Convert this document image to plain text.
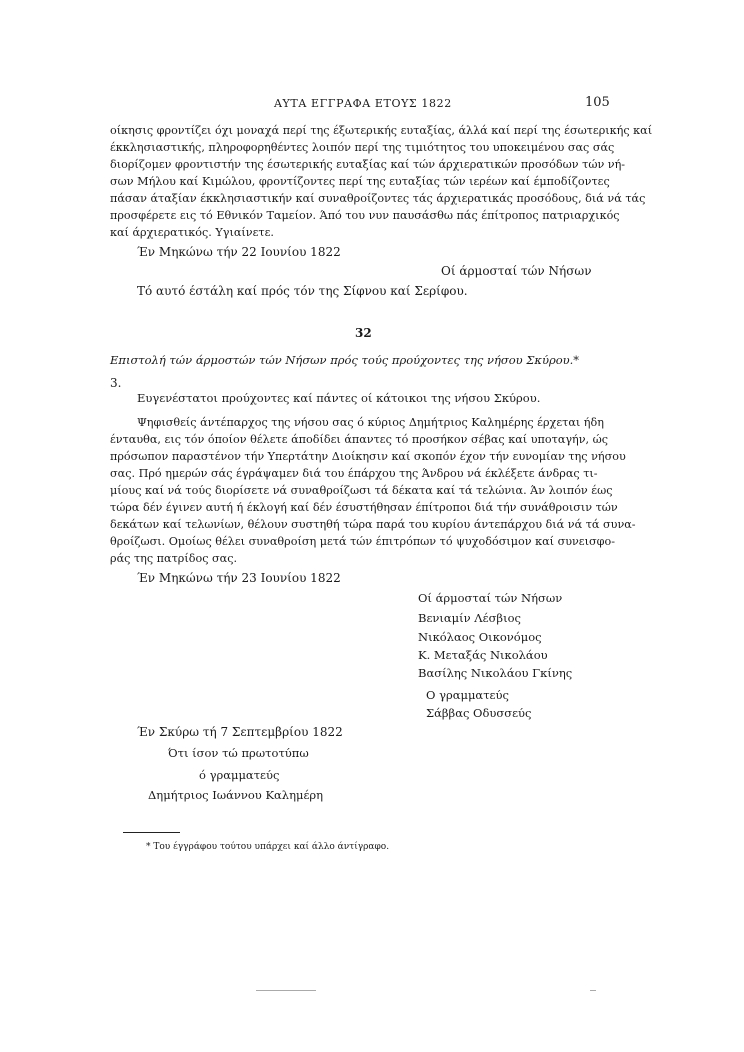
ΑΥΤΑ ΕΓΓΡΑΦΑ ΕΤΟΥΣ 1822	105
οίκησις φροντίζει όχι μοναχά περί της έξωτερικής ευταξίας, άλλά καί περί της έσωτερικής καί
έκκλησιαστικής, πληροφορηθέντες λοιπόν περί της τιμιότητος του υποκειμένου σας σάς
διορίζομεν φροντιστήν της έσωτερικής ευταξίας καί τών άρχιερατικών προσόδων τών νή-
σων Μήλου καί Κιμώλου, φροντίζοντες περί της ευταξίας τών ιερέων καί έμποδίζοντες
πάσαν άταξίαν έκκλησιαστικήν καί συναθροίζοντες τάς άρχιερατικάς προσόδους, διά νά τάς
προσφέρετε εις τό Εθνικόν Ταμείον. Άπό του νυν παυσάσθω πάς έπίτροπος πατριαρχικός
καί άρχιερατικός. Υγιαίνετε.
Έν Μηκώνω τήν 22 Ιουνίου 1822
Οί άρμοσταί τών Νήσων
Τό αυτό έστάλη καί πρός τόν της Σίφνου καί Σερίφου.
32
Επιστολή τών άρμοστών τών Νήσων πρός τούς προύχοντες της νήσου Σκύρου.*
3.
Ευγενέστατοι προύχοντες καί πάντες οί κάτοικοι της νήσου Σκύρου.
Ψηφισθείς άντέπαρχος της νήσου σας ό κύριος Δημήτριος Καλημέρης έρχεται ήδη
ένταυθα, εις τόν όποίον θέλετε άποδίδει άπαντες τό προσήκον σέβας καί υποταγήν, ώς
πρόσωπον παραστένον τήν Υπερτάτην Διοίκησιν καί σκοπόν έχον τήν ευνομίαν της νήσου
σας. Πρό ημερών σάς έγράψαμεν διά του έπάρχου της Άνδρου νά έκλέξετε άνδρας τι-
μίους καί νά τούς διορίσετε νά συναθροίζωσι τά δέκατα καί τά τελώνια. Άν λοιπόν έως
τώρα δέν έγινεν αυτή ή έκλογή καί δέν έσυστήθησαν έπίτροποι διά τήν συνάθροισιν τών
δεκάτων καί τελωνίων, θέλουν συστηθή τώρα παρά του κυρίου άντεπάρχου διά νά τά συνα-
θροίζωσι. Ομοίως θέλει συναθροίση μετά τών έπιτρόπων τό ψυχοδόσιμον καί συνεισφο-
ράς της πατρίδος σας.
Έν Μηκώνω τήν 23 Ιουνίου 1822
Οί άρμοσταί τών Νήσων
Βενιαμίν Λέσβιος
Νικόλαος Οικονόμος
Κ. Μεταξάς Νικολάου
Βασίλης Νικολάου Γκίνης
Ο γραμματεύς
Σάββας Οδυσσεύς
Έν Σκύρω τή 7 Σεπτεμβρίου 1822
Ότι ίσον τώ πρωτοτύπω
ό γραμματεύς
Δημήτριος Ιωάννου Καλημέρη
* Του έγγράφου τούτου υπάρχει καί άλλο άντίγραφο.
